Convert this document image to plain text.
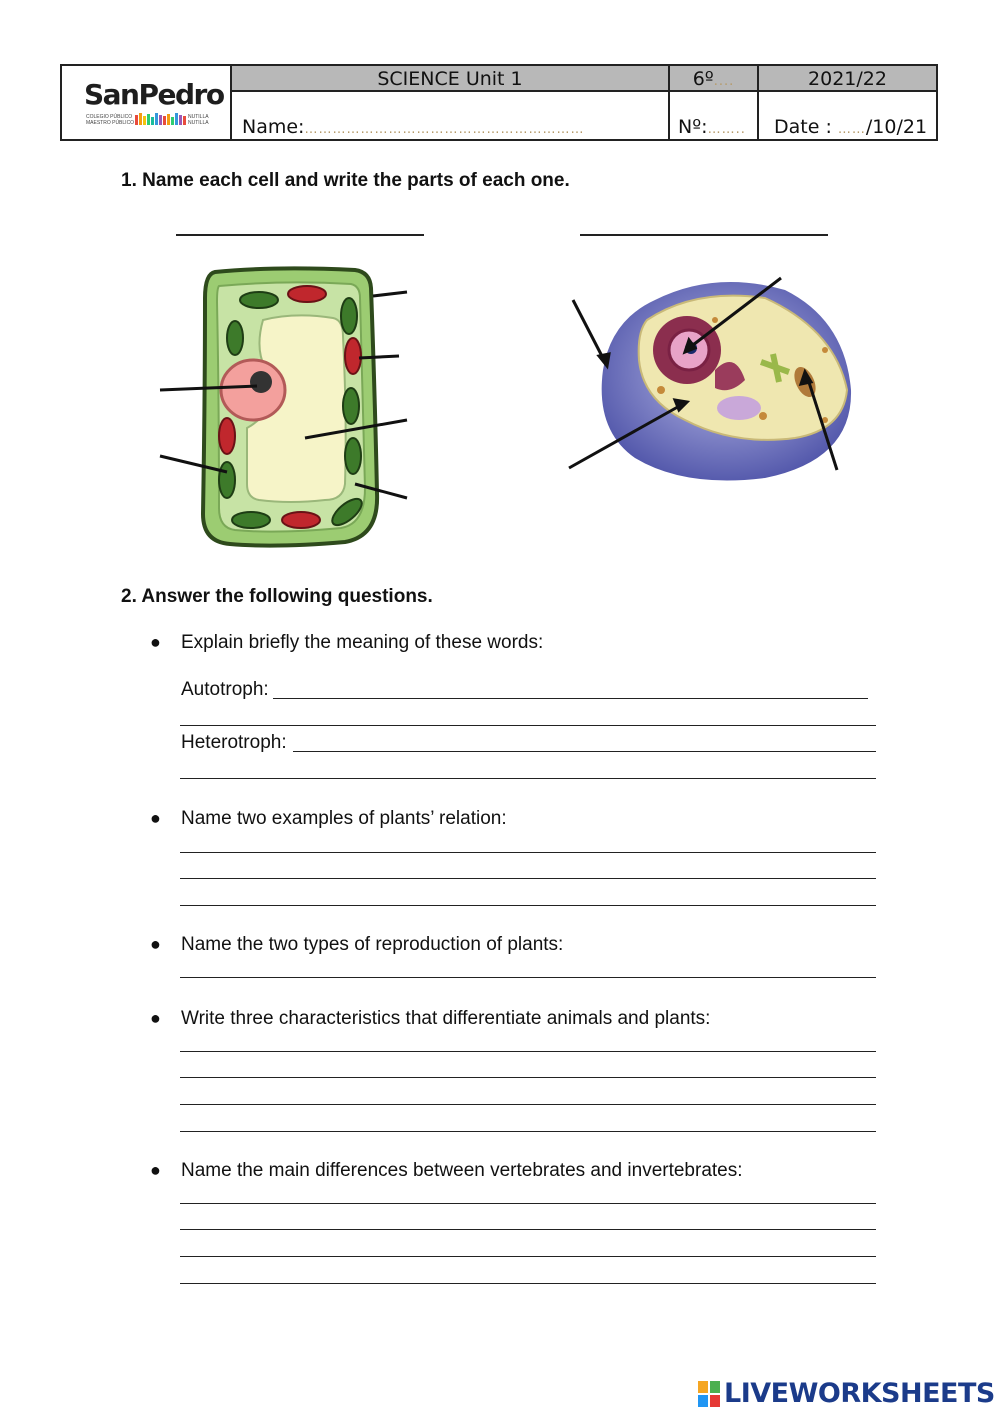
SanPedro
COLEGIO PÚBLICO
MAESTRO PÚBLICO
NUTILLA
NUTILLA
SCIENCE Unit 1	6º....	2021/22
Name:……………………………………………………	Nº:……..	Date : ……/10/21
1. Name each cell and write the parts of each one.
2. Answer the following questions.
● Explain briefly the meaning of these words:
Autotroph:
Heterotroph:
● Name two examples of plants’ relation:
● Name the two types of reproduction of plants:
● Write three characteristics that differentiate animals and plants:
● Name the main differences between vertebrates and invertebrates:
LIVEWORKSHEETS
